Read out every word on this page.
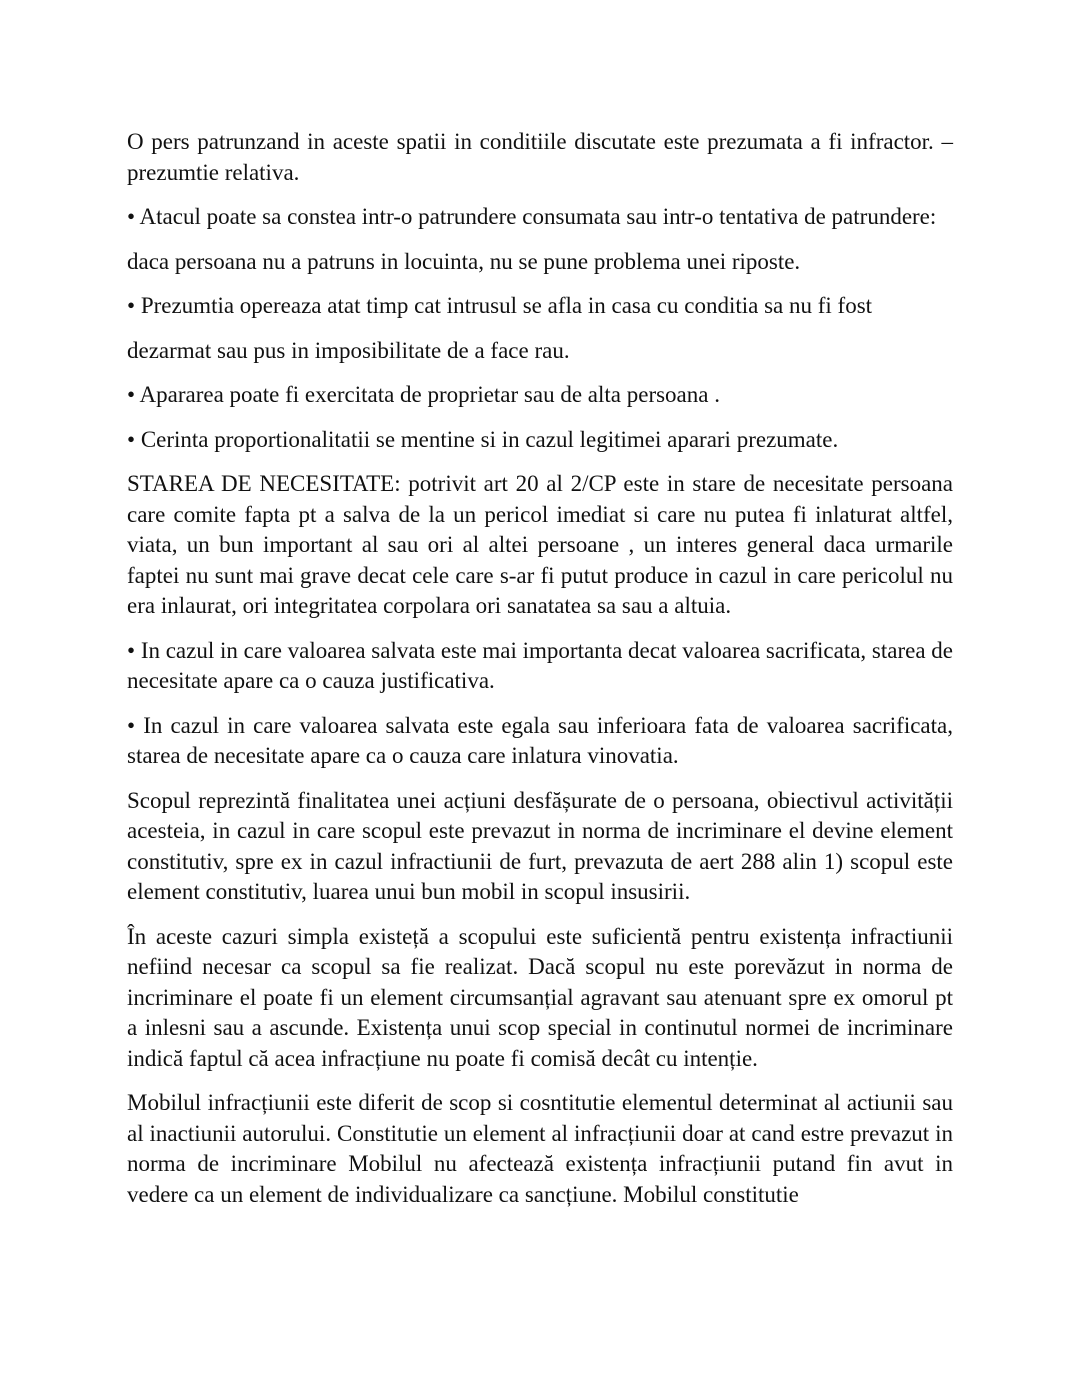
O pers patrunzand in aceste spatii in conditiile discutate este prezumata a fi infractor. – prezumtie relativa.

• Atacul poate sa constea intr-o patrundere consumata sau intr-o tentativa de patrundere:

daca persoana nu a patruns in locuinta, nu se pune problema unei riposte.

• Prezumtia opereaza atat timp cat intrusul se afla in casa cu conditia sa nu fi fost

dezarmat sau pus in imposibilitate de a face rau.

• Apararea poate fi exercitata de proprietar sau de alta persoana .

• Cerinta proportionalitatii se mentine si in cazul legitimei aparari prezumate.

STAREA DE NECESITATE: potrivit art 20 al 2/CP este in stare de necesitate persoana care comite fapta pt a salva de la un pericol imediat si care nu putea fi inlaturat altfel, viata, un bun important al sau ori al altei persoane , un interes general daca urmarile faptei nu sunt mai grave decat cele care s-ar fi putut produce in cazul in care pericolul nu era inlaurat, ori integritatea corpolara ori sanatatea sa sau a altuia.

• In cazul in care valoarea salvata este mai importanta decat valoarea sacrificata, starea de necesitate apare ca o cauza justificativa.

• In cazul in care valoarea salvata este egala sau inferioara fata de valoarea sacrificata, starea de necesitate apare ca o cauza care inlatura vinovatia.

Scopul reprezintă finalitatea unei acțiuni desfășurate de o persoana, obiectivul activității acesteia, in cazul in care scopul este prevazut in norma de incriminare el devine element constitutiv, spre ex in cazul infractiunii de furt, prevazuta de aert 288 alin 1) scopul este element constitutiv, luarea unui bun mobil in scopul insusirii.

În aceste cazuri simpla existeță a scopului este suficientă pentru existența infractiunii nefiind necesar ca scopul sa fie realizat. Dacă scopul nu este porevăzut in norma de incriminare el poate fi un element circumsanțial agravant sau atenuant spre ex omorul pt a inlesni sau a ascunde. Existența unui scop special in continutul normei de incriminare indică faptul că acea infracțiune nu poate fi comisă decât cu intenție.

Mobilul infracțiunii este diferit de scop si cosntitutie elementul determinat al actiunii sau al inactiunii autorului. Constitutie un element al infracțiunii doar at cand estre prevazut in norma de incriminare Mobilul nu afectează existența infracțiunii putand fin avut in vedere ca un element de individualizare ca sancțiune. Mobilul constitutie
